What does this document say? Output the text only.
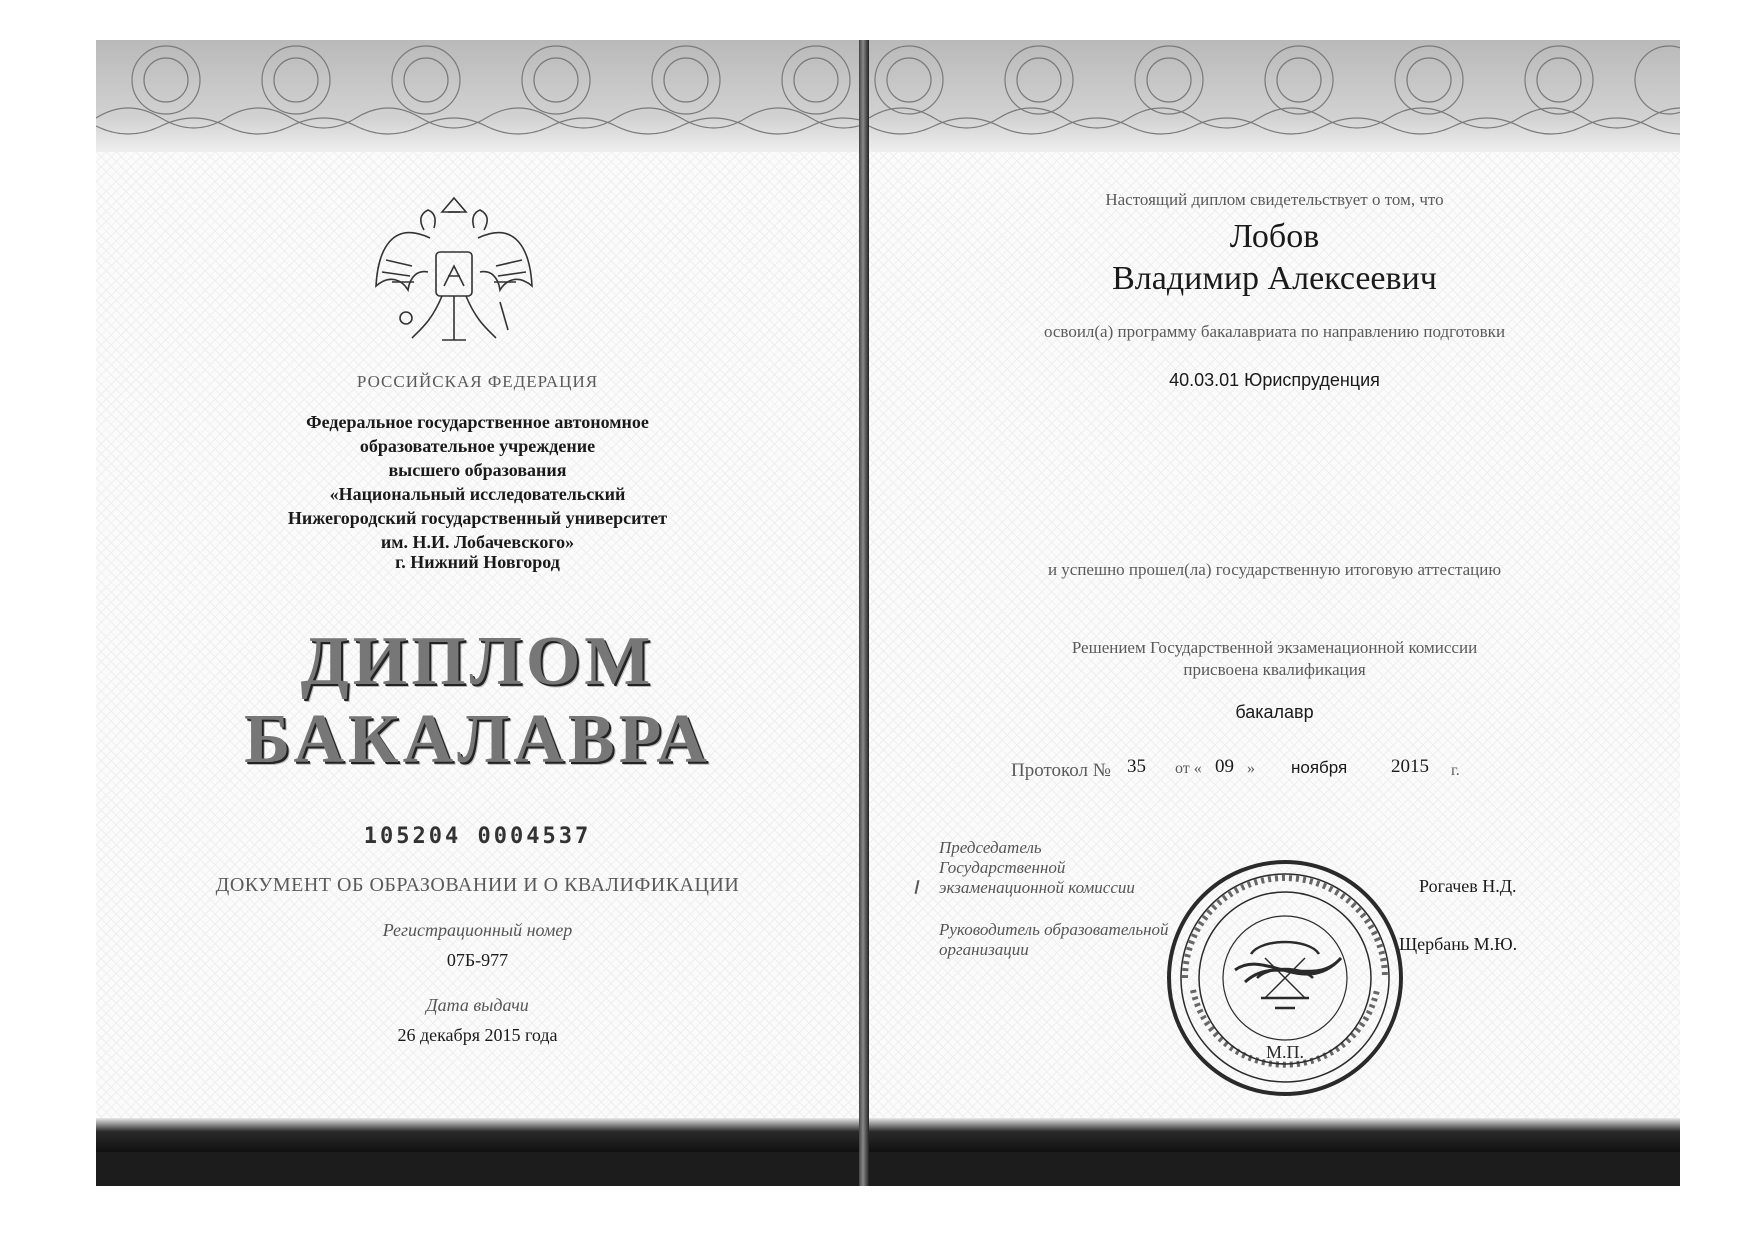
РОССИЙСКАЯ ФЕДЕРАЦИЯ
Федеральное государственное автономное
образовательное учреждение
высшего образования
«Национальный исследовательский
Нижегородский государственный университет
им. Н.И. Лобачевского»
г. Нижний Новгород
ДИПЛОМ
БАКАЛАВРА
105204 0004537
ДОКУМЕНТ ОБ ОБРАЗОВАНИИ И О КВАЛИФИКАЦИИ
Регистрационный номер
07Б-977
Дата выдачи
26 декабря 2015 года
Настоящий диплом свидетельствует о том, что
Лобов
Владимир Алексеевич
освоил(а) программу бакалавриата по направлению подготовки
40.03.01 Юриспруденция
и успешно прошел(ла) государственную итоговую аттестацию
Решением Государственной экзаменационной комиссии
присвоена квалификация
бакалавр
Протокол № 35 от « 09 » ноября 2015 г.
Председатель
Государственной
экзаменационной комиссии	Рогачев Н.Д.
Руководитель образовательной
организации	Щербань М.Ю.
М.П.
